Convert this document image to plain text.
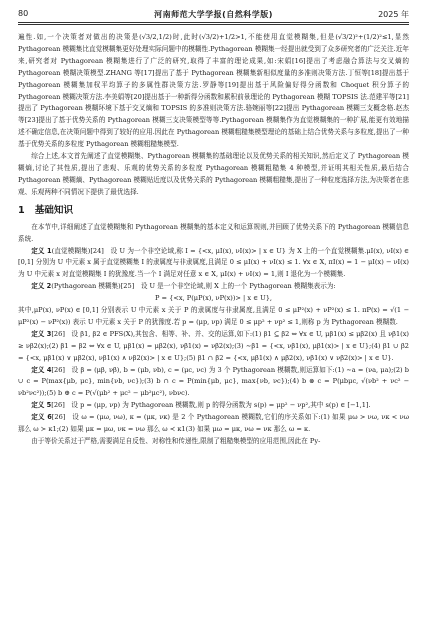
80	河南师范大学学报(自然科学版)	2025 年

遍性.如,一个决策者对做出的决策是(√3/2,1/2)时,此时(√3/2)+1/2>1,不能使用直觉模糊集,但是(√3/2)²+(1/2)²≤1,显然 Pythagorean 模糊集比直觉模糊集更好处理实际问题中的模糊性.Pythagorean 模糊集一经提出就受到了众多研究者的广泛关注.近年来,研究者对 Pythagorean 模糊集进行了广泛的研究,取得了丰富的理论成果,如:宋娟[16]提出了考虑融合算法与交叉熵的 Pythagorean 模糊决策模型.ZHANG 等[17]提出了基于 Pythagorean 模糊集新相似度量的多准则决策方法.丁恒等[18]提出基于 Pythagorean 模糊集加权平均算子的多属性群决策方法.罗静等[19]提出基于风险偏好得分函数和 Choquet 积分算子的 Pythagorean 模糊决策方法.李美娟等[20]提出基于一种新得分函数和累积前景理论的 Pythagorean 模糊 TOPSIS 法.范建平等[21]提出了 Pythagorean 模糊环境下基于交叉熵和 TOPSIS 的多准则决策方法.骆婉丽等[22]提出 Pythagorean 模糊三支概念格.赵杰等[23]提出了基于优势关系的 Pythagorean 模糊三支决策模型等等.Pythagorean 模糊集作为直觉模糊集的一种扩展,能更有效地描述不确定信息,在决策问题中得到了较好的应用.因此在 Pythagorean 模糊粗糙集模型理论的基础上结合优势关系与多粒度,提出了一种基于优势关系的多粒度 Pythagorean 模糊粗糙集模型.

综合上述,本文首先阐述了直觉模糊集、Pythagorean 模糊集的基础理论以及优势关系的相关知识,然后定义了 Pythagorean 模糊熵,讨论了其性质,提出了悲观、乐观的优势关系的多粒度 Pythagorean 模糊粗糙集 4 种模型,并证明其相关性质,最后结合 Pythagorean 模糊熵、Pythagorean 模糊贴近度以及优势关系的 Pythagorean 模糊粗糙集,提出了一种粒度选择方法,为决策者在悲观、乐观两种不同情况下提供了最优选择.

1 基础知识

在本节中,详细阐述了直觉模糊集和 Pythagorean 模糊集的基本定义和运算规则,并回顾了优势关系下的 Pythagorean 模糊信息系统.

定义 1(直觉模糊集)[24]　设 U 为一个非空论域,称 I = {<x, μI(x), νI(x)> | x ∈ U} 为 X 上的一个直觉模糊集.μI(x), νI(x) ∈ [0,1] 分别为 U 中元素 x 属于直觉模糊集 I 的隶属度与非隶属度,且满足 0 ≤ μI(x) + νI(x) ≤ 1. ∀x ∈ X, πI(x) = 1 − μI(x) − νI(x) 为 U 中元素 x 对直觉模糊集 I 的犹豫度.当一个 I 满足对任意 x ∈ X, μI(x) + νI(x) = 1,则 I 退化为一个模糊集.

定义 2(Pythagorean 模糊集)[25]　设 U 是一个非空论域,则 X 上的一个 Pythagorean 模糊集表示为:

P = {<x, P(μP(x), νP(x))> | x ∈ U},

其中,μP(x), νP(x) ∈ [0,1] 分别表示 U 中元素 x 关于 P 的隶属度与非隶属度,且满足 0 ≤ μP²(x) + νP²(x) ≤ 1. πP(x) = √(1 − μP²(x) − νP²(x)) 表示 U 中元素 x 关于 P 的犹豫度.若 p = (μp, νp) 满足 0 ≤ μp² + νp² ≤ 1,则称 p 为 Pythagorean 模糊数.

定义 3[26]　设 β1, β2 ∈ PFS(X),其包含、相等、补、并、交的运算,如下:(1) β1 ⊆ β2 ⇔ ∀x ∈ U, μβ1(x) ≤ μβ2(x) 且 νβ1(x) ≥ νβ2(x);(2) β1 = β2 ⇔ ∀x ∈ U, μβ1(x) = μβ2(x), νβ1(x) = νβ2(x);(3) ∼β1 = {<x, νβ1(x), μβ1(x)> | x ∈ U};(4) β1 ∪ β2 = {<x, μβ1(x) ∨ μβ2(x), νβ1(x) ∧ νβ2(x)> | x ∈ U};(5) β1 ∩ β2 = {<x, μβ1(x) ∧ μβ2(x), νβ1(x) ∨ νβ2(x)> | x ∈ U}.

定义 4[26]　设 β = (μβ, νβ), b = (μb, νb), c = (μc, νc) 为 3 个 Pythagorean 模糊数,则运算如下:(1) ∼a = (νa, μa);(2) b ∪ c = P(max{μb, μc}, min{νb, νc});(3) b ∩ c = P(min{μb, μc}, max{νb, νc});(4) b ⊗ c = P(μbμc, √(νb² + νc² − νb²νc²));(5) b ⊕ c = P(√(μb² + μc² − μb²μc²), νbνc).

定义 5[26]　设 p = (μp, νp) 为 Pythagorean 模糊数,则 p 的得分函数为 s(p) = μp² − νp²,其中 s(p) ∈ [−1,1].

定义 6[26]　设 ω = (μω, νω), κ = (μκ, νκ) 是 2 个 Pythagorean 模糊数,它们的序关系如下:(1) 如果 μω > νω, νκ < νω 那么 ω ≻ κ1;(2) 如果 μκ = μω, νκ = νω 那么 ω ≺ κ1(3) 如果 μω = μκ, νω = νκ 那么 ω = κ.

由于等价关系过于严格,需要满足自反性、对称性和传递性,限制了粗糙集模型的应用范围,因此在 Py-
